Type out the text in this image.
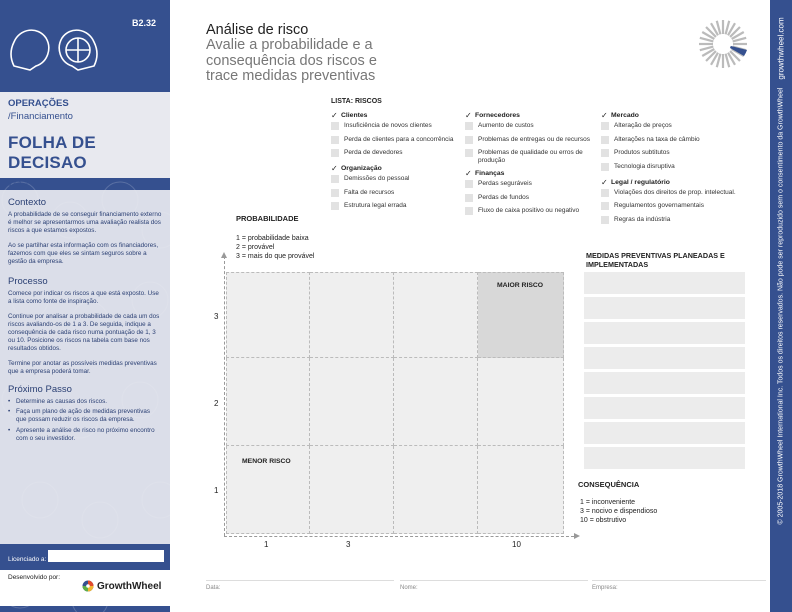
B2.32
OPERAÇÕES
/Financiamento
FOLHA DE DECISAO
v2.1.2
Contexto

A probabilidade de se conseguir financiamento externo é melhor se apresentarmos uma avaliação realista dos riscos a que estamos expostos.

Ao se partilhar esta informação com os financiadores, fazemos com que eles se sintam seguros sobre a gestão da empresa.

Processo

Comece por indicar os riscos a que está exposto. Use a lista como fonte de inspiração.

Continue por analisar a probabilidade de cada um dos riscos avaliando-os de 1 a 3. De seguida, indique a consequência de cada risco numa pontuação de 1, 3 ou 10. Posicione os riscos na tabela com base nos resultados obtidos.

Termine por anotar as possíveis medidas preventivas que a empresa poderá tomar.

Próximo Passo
• Determine as causas dos riscos.
• Faça um plano de ação de medidas preventivas que possam reduzir os riscos da empresa.
• Apresente a análise de risco no próximo encontro com o seu investidor.
Licenciado a:
Desenvolvido por:
GrowthWheel
© 2005-2018 GrowthWheel International Inc. Todos os direitos reservados. Não pode ser reproduzido sem o consentimento da GrowthWheel
growthwheel.com
Análise de risco
Avalie a probabilidade e a consequência dos riscos e trace medidas preventivas
LISTA: RISCOS
✓ Clientes
Insuficiência de novos clientes
Perda de clientes para a concorrência
Perda de devedores
✓ Organização
Demissões do pessoal
Falta de recursos
Estrutura legal errada
✓ Fornecedores
Aumento de custos
Problemas de entregas ou de recursos
Problemas de qualidade ou erros de produção
✓ Finanças
Perdas seguráveis
Perdas de fundos
Fluxo de caixa positivo ou negativo
✓ Mercado
Alteração de preços
Alterações na taxa de câmbio
Produtos subtitutos
Tecnologia disruptiva
✓ Legal / regulatório
Violações dos direitos de prop. intelectual.
Regulamentos governamentais
Regras da indústria
PROBABILIDADE
1 = probabilidade baixa
2 = provável
3 = mais do que provável
MAIOR RISCO
MENOR RISCO
3
2
1
1	3	10
CONSEQUÊNCIA
1 = inconveniente
3 = nocivo e dispendioso
10 = obstrutivo
MEDIDAS PREVENTIVAS PLANEADAS E IMPLEMENTADAS
Data:	Nome:	Empresa:
